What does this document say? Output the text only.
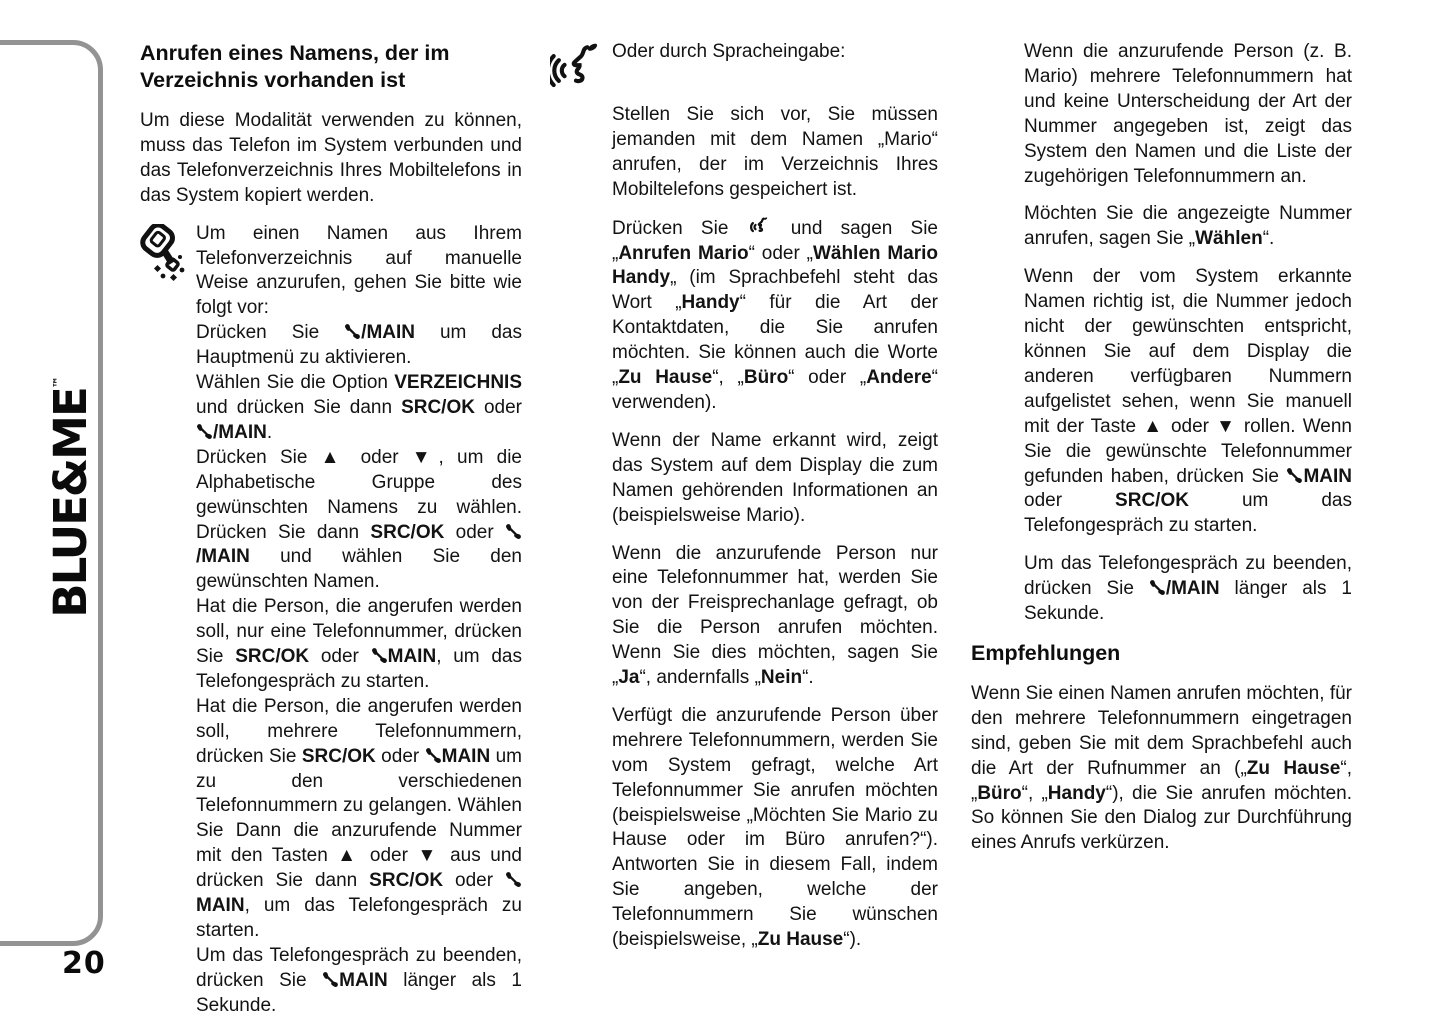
BLUE&ME™
20
Anrufen eines Namens, der im Verzeichnis vorhanden ist

Um diese Modalität verwenden zu können, muss das Telefon im System verbunden und das Telefonverzeichnis Ihres Mobiltelefons in das System kopiert werden.

Um einen Namen aus Ihrem Telefonverzeichnis auf manuelle Weise anzurufen, gehen Sie bitte wie folgt vor:
Drücken Sie /MAIN um das Hauptmenü zu aktivieren.
Wählen Sie die Option VERZEICHNIS und drücken Sie dann SRC/OK oder /MAIN.
Drücken Sie ▲ oder ▼, um die Alphabetische Gruppe des gewünschten Namens zu wählen. Drücken Sie dann SRC/OK oder /MAIN und wählen Sie den gewünschten Namen.
Hat die Person, die angerufen werden soll, nur eine Telefonnummer, drücken Sie SRC/OK oder MAIN, um das Telefongespräch zu starten.
Hat die Person, die angerufen werden soll, mehrere Telefonnummern, drücken Sie SRC/OK oder MAIN um zu den verschiedenen Telefonnummern zu gelangen. Wählen Sie Dann die anzurufende Nummer mit den Tasten ▲ oder ▼ aus und drücken Sie dann SRC/OK oder MAIN, um das Telefongespräch zu starten.
Um das Telefongespräch zu beenden, drücken Sie MAIN länger als 1 Sekunde.
Oder durch Spracheingabe:

Stellen Sie sich vor, Sie müssen jemanden mit dem Namen „Mario“ anrufen, der im Verzeichnis Ihres Mobiltelefons gespeichert ist.

Drücken Sie  und sagen Sie „Anrufen Mario“ oder „Wählen Mario Handy„ (im Sprachbefehl steht das Wort „Handy“ für die Art der Kontaktdaten, die Sie anrufen möchten. Sie können auch die Worte „Zu Hause“, „Büro“ oder „Andere“ verwenden).

Wenn der Name erkannt wird, zeigt das System auf dem Display die zum Namen gehörenden Informationen an (beispielsweise Mario).

Wenn die anzurufende Person nur eine Telefonnummer hat, werden Sie von der Freisprechanlage gefragt, ob Sie die Person anrufen möchten. Wenn Sie dies möchten, sagen Sie „Ja“, andernfalls „Nein“.

Verfügt die anzurufende Person über mehrere Telefonnummern, werden Sie vom System gefragt, welche Art Telefonnummer Sie anrufen möchten (beispielsweise „Möchten Sie Mario zu Hause oder im Büro anrufen?“). Antworten Sie in diesem Fall, indem Sie angeben, welche der Telefonnummern Sie wünschen (beispielsweise, „Zu Hause“).

Wenn die anzurufende Person (z. B. Mario) mehrere Telefonnummern hat und keine Unterscheidung der Art der Nummer angegeben ist, zeigt das System den Namen und die Liste der zugehörigen Telefonnummern an.

Möchten Sie die angezeigte Nummer anrufen, sagen Sie „Wählen“.

Wenn der vom System erkannte Namen richtig ist, die Nummer jedoch nicht der gewünschten entspricht, können Sie auf dem Display die anderen verfügbaren Nummern aufgelistet sehen, wenn Sie manuell mit der Taste ▲ oder ▼ rollen. Wenn Sie die gewünschte Telefonnummer gefunden haben, drücken Sie MAIN oder SRC/OK um das Telefongespräch zu starten.

Um das Telefongespräch zu beenden, drücken Sie /MAIN länger als 1 Sekunde.

Empfehlungen

Wenn Sie einen Namen anrufen möchten, für den mehrere Telefonnummern eingetragen sind, geben Sie mit dem Sprachbefehl auch die Art der Rufnummer an („Zu Hause“, „Büro“, „Handy“), die Sie anrufen möchten. So können Sie den Dialog zur Durchführung eines Anrufs verkürzen.
